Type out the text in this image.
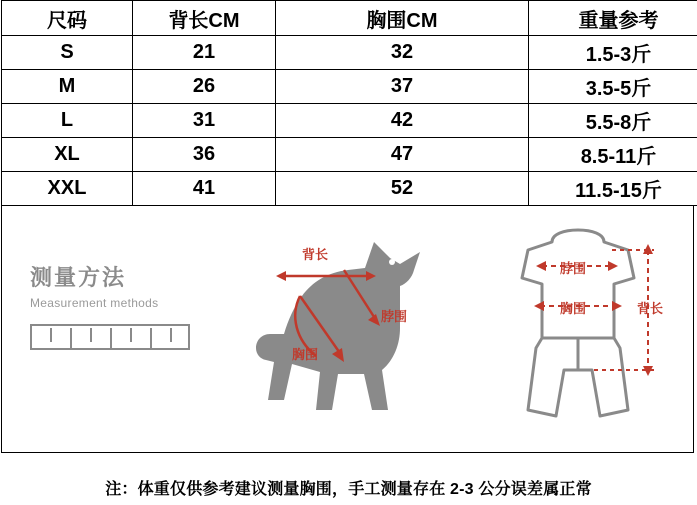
尺码	背长CM	胸围CM	重量参考
S	21	32	1.5-3斤
M	26	37	3.5-5斤
L	31	42	5.5-8斤
XL	36	47	8.5-11斤
XXL	41	52	11.5-15斤
测量方法
Measurement methods
背长
脖围
胸围
脖围
胸围	背长
注：体重仅供参考建议测量胸围，手工测量存在 2-3 公分误差属正常
